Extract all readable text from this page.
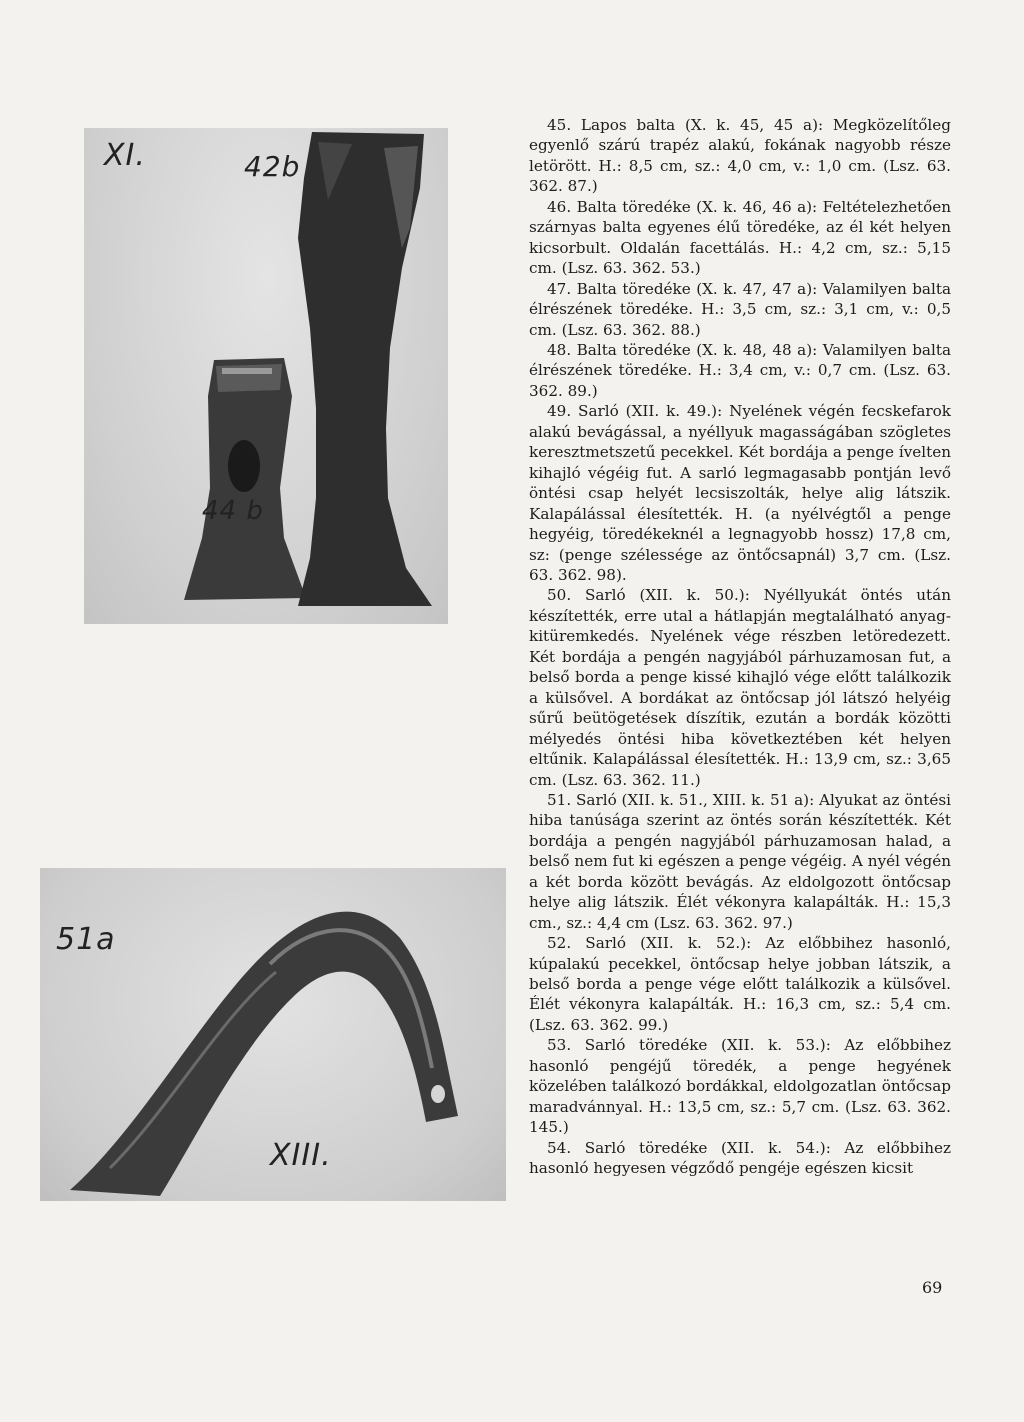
XI.	42b
44 b
51a
XIII.

45. Lapos balta (X. k. 45, 45 a): Megközelítőleg egyenlő szárú trapéz alakú, fokának nagyobb része letörött. H.: 8,5 cm, sz.: 4,0 cm, v.: 1,0 cm. (Lsz. 63. 362. 87.)

46. Balta töredéke (X. k. 46, 46 a): Feltételezhetően szárnyas balta egyenes élű töredéke, az él két helyen kicsorbult. Oldalán facettálás. H.: 4,2 cm, sz.: 5,15 cm. (Lsz. 63. 362. 53.)

47. Balta töredéke (X. k. 47, 47 a): Valamilyen balta élrészének töredéke. H.: 3,5 cm, sz.: 3,1 cm, v.: 0,5 cm. (Lsz. 63. 362. 88.)

48. Balta töredéke (X. k. 48, 48 a): Valamilyen balta élrészének töredéke. H.: 3,4 cm, v.: 0,7 cm. (Lsz. 63. 362. 89.)

49. Sarló (XII. k. 49.): Nyelének végén fecskefarok alakú bevágással, a nyéllyuk magasságában szögletes keresztmetszetű pecekkel. Két bordája a penge ívelten kihajló végéig fut. A sarló legmagasabb pontján levő öntési csap helyét lecsiszolták, helye alig látszik. Kalapálással élesítették. H. (a nyélvégtől a penge hegyéig, töredékeknél a legnagyobb hossz) 17,8 cm, sz: (penge szélessége az öntőcsapnál) 3,7 cm. (Lsz. 63. 362. 98).

50. Sarló (XII. k. 50.): Nyéllyukát öntés után készítették, erre utal a hátlapján megtalálható anyag-kitüremkedés. Nyelének vége részben letöredezett. Két bordája a pengén nagyjából párhuzamosan fut, a belső borda a penge kissé kihajló vége előtt találkozik a külsővel. A bordákat az öntőcsap jól látszó helyéig sűrű beütögetések díszítik, ezután a bordák közötti mélyedés öntési hiba következtében két helyen eltűnik. Kalapálással élesítették. H.: 13,9 cm, sz.: 3,65 cm. (Lsz. 63. 362. 11.)

51. Sarló (XII. k. 51., XIII. k. 51 a): Alyukat az öntési hiba tanúsága szerint az öntés során készítették. Két bordája a pengén nagyjából párhuzamosan halad, a belső nem fut ki egészen a penge végéig. A nyél végén a két borda között bevágás. Az eldolgozott öntőcsap helye alig látszik. Élét vékonyra kalapálták. H.: 15,3 cm., sz.: 4,4 cm (Lsz. 63. 362. 97.)

52. Sarló (XII. k. 52.): Az előbbihez hasonló, kúpalakú pecekkel, öntőcsap helye jobban látszik, a belső borda a penge vége előtt találkozik a külsővel. Élét vékonyra kalapálták. H.: 16,3 cm, sz.: 5,4 cm. (Lsz. 63. 362. 99.)

53. Sarló töredéke (XII. k. 53.): Az előbbihez hasonló pengéjű töredék, a penge hegyének közelében találkozó bordákkal, eldolgozatlan öntőcsap maradvánnyal. H.: 13,5 cm, sz.: 5,7 cm. (Lsz. 63. 362. 145.)

54. Sarló töredéke (XII. k. 54.): Az előbbihez hasonló hegyesen végződő pengéje egészen kicsit

69
